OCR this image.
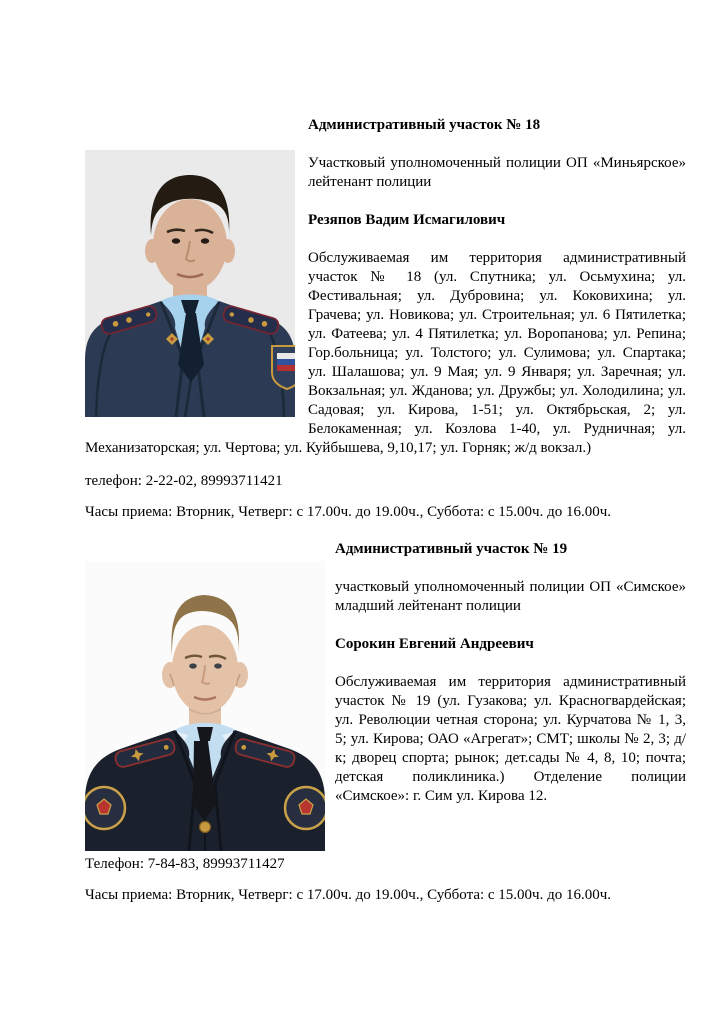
Административный участок № 18

Участковый уполномоченный полиции ОП «Миньярское» лейтенант полиции

Резяпов Вадим Исмагилович

Обслуживаемая им территория административный участок № 18 (ул. Спутника; ул. Осьмухина; ул. Фестивальная; ул. Дубровина; ул. Коковихина; ул. Грачева; ул. Новикова; ул. Строительная; ул. 6 Пятилетка; ул. Фатеева; ул. 4 Пятилетка; ул. Воропанова; ул. Репина; Гор.больница; ул. Толстого; ул. Сулимова; ул. Спартака; ул. Шалашова; ул. 9 Мая; ул. 9 Января; ул. Заречная; ул. Вокзальная; ул. Жданова; ул. Дружбы; ул. Холодилина; ул. Садовая; ул. Кирова, 1-51; ул. Октябрьская, 2; ул. Белокаменная; ул. Козлова 1-40, ул. Рудничная; ул. Механизаторская; ул. Чертова; ул. Куйбышева, 9,10,17; ул. Горняк; ж/д вокзал.)

телефон: 2-22-02, 89993711421

Часы приема: Вторник, Четверг: с 17.00ч. до 19.00ч., Суббота: с 15.00ч. до 16.00ч.

Административный участок № 19

участковый уполномоченный полиции ОП «Симское» младший лейтенант полиции

Сорокин Евгений Андреевич

Обслуживаемая им территория административный участок № 19 (ул. Гузакова; ул. Красногвардейская; ул. Революции четная сторона; ул. Курчатова № 1, 3, 5; ул. Кирова; ОАО «Агрегат»; СМТ; школы № 2, 3; д/к; дворец спорта; рынок; дет.сады № 4, 8, 10; почта; детская поликлиника.) Отделение полиции «Симское»: г. Сим ул. Кирова 12.

Телефон: 7-84-83, 89993711427

Часы приема: Вторник, Четверг: с 17.00ч. до 19.00ч., Суббота: с 15.00ч. до 16.00ч.
